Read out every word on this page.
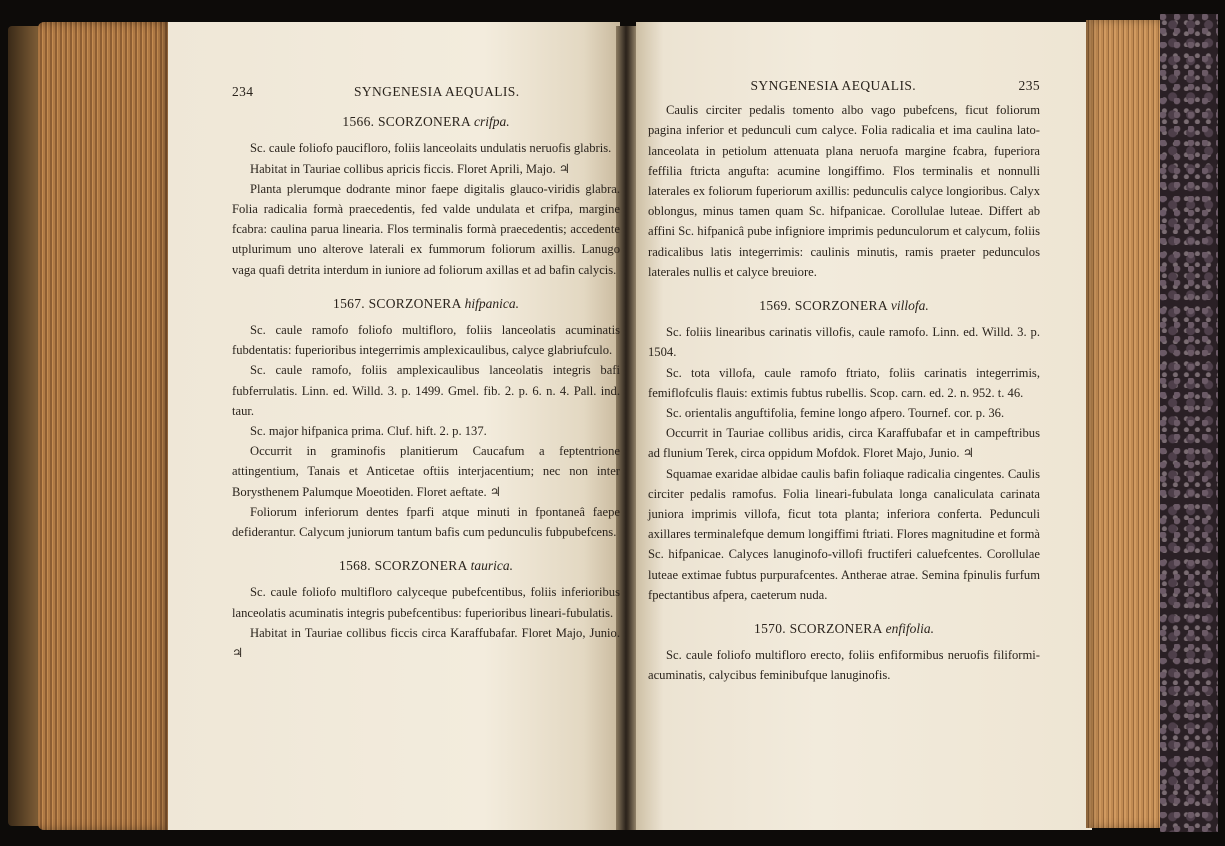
234	SYNGENESIA AEQUALIS.
1566. SCORZONERA crifpa.

Sc. caule foliofo paucifloro, foliis lanceolaits undulatis neruofis glabris.

Habitat in Tauriae collibus apricis ficcis. Floret Aprili, Majo. ♃

Planta plerumque dodrante minor faepe digitalis glauco-viridis glabra. Folia radicalia formà praecedentis, fed valde undulata et crifpa, margine fcabra: caulina parua linearia. Flos terminalis formà praecedentis; accedente utplurimum uno alterove laterali ex fummorum foliorum axillis. Lanugo vaga quafi detrita interdum in iuniore ad foliorum axillas et ad bafin calycis.

1567. SCORZONERA hifpanica.

Sc. caule ramofo foliofo multifloro, foliis lanceolatis acuminatis fubdentatis: fuperioribus integerrimis amplexicaulibus, calyce glabriufculo.

Sc. caule ramofo, foliis amplexicaulibus lanceolatis integris bafi fubferrulatis. Linn. ed. Willd. 3. p. 1499. Gmel. fib. 2. p. 6. n. 4. Pall. ind. taur.

Sc. major hifpanica prima. Cluf. hift. 2. p. 137.

Occurrit in graminofis planitierum Caucafum a feptentrione attingentium, Tanais et Anticetae oftiis interjacentium; nec non inter Borysthenem Palumque Moeotiden. Floret aeftate. ♃

Foliorum inferiorum dentes fparfi atque minuti in fpontaneâ faepe defiderantur. Calycum juniorum tantum bafis cum pedunculis fubpubefcens.

1568. SCORZONERA taurica.

Sc. caule foliofo multifloro calyceque pubefcentibus, foliis inferioribus lanceolatis acuminatis integris pubefcentibus: fuperioribus lineari-fubulatis.

Habitat in Tauriae collibus ficcis circa Karaffubafar. Floret Majo, Junio. ♃

SYNGENESIA AEQUALIS.	235

Caulis circiter pedalis tomento albo vago pubefcens, ficut foliorum pagina inferior et pedunculi cum calyce. Folia radicalia et ima caulina lato-lanceolata in petiolum attenuata plana neruofa margine fcabra, fuperiora feffilia ftricta angufta: acumine longiffimo. Flos terminalis et nonnulli laterales ex foliorum fuperiorum axillis: pedunculis calyce longioribus. Calyx oblongus, minus tamen quam Sc. hifpanicae. Corollulae luteae. Differt ab affini Sc. hifpanicâ pube infigniore imprimis pedunculorum et calycum, foliis radicalibus latis integerrimis: caulinis minutis, ramis praeter pedunculos laterales nullis et calyce breuiore.

1569. SCORZONERA villofa.

Sc. foliis linearibus carinatis villofis, caule ramofo. Linn. ed. Willd. 3. p. 1504.

Sc. tota villofa, caule ramofo ftriato, foliis carinatis integerrimis, femiflofculis flauis: extimis fubtus rubellis. Scop. carn. ed. 2. n. 952. t. 46.

Sc. orientalis anguftifolia, femine longo afpero. Tournef. cor. p. 36.

Occurrit in Tauriae collibus aridis, circa Karaffubafar et in campeftribus ad flunium Terek, circa oppidum Mofdok. Floret Majo, Junio. ♃

Squamae exaridae albidae caulis bafin foliaque radicalia cingentes. Caulis circiter pedalis ramofus. Folia lineari-fubulata longa canaliculata carinata juniora imprimis villofa, ficut tota planta; inferiora conferta. Pedunculi axillares terminalefque demum longiffimi ftriati. Flores magnitudine et formà Sc. hifpanicae. Calyces lanuginofo-villofi fructiferi caluefcentes. Corollulae luteae extimae fubtus purpurafcentes. Antherae atrae. Semina fpinulis furfum fpectantibus afpera, caeterum nuda.

1570. SCORZONERA enfifolia.

Sc. caule foliofo multifloro erecto, foliis enfiformibus neruofis filiformi-acuminatis, calycibus feminibufque lanuginofis.
